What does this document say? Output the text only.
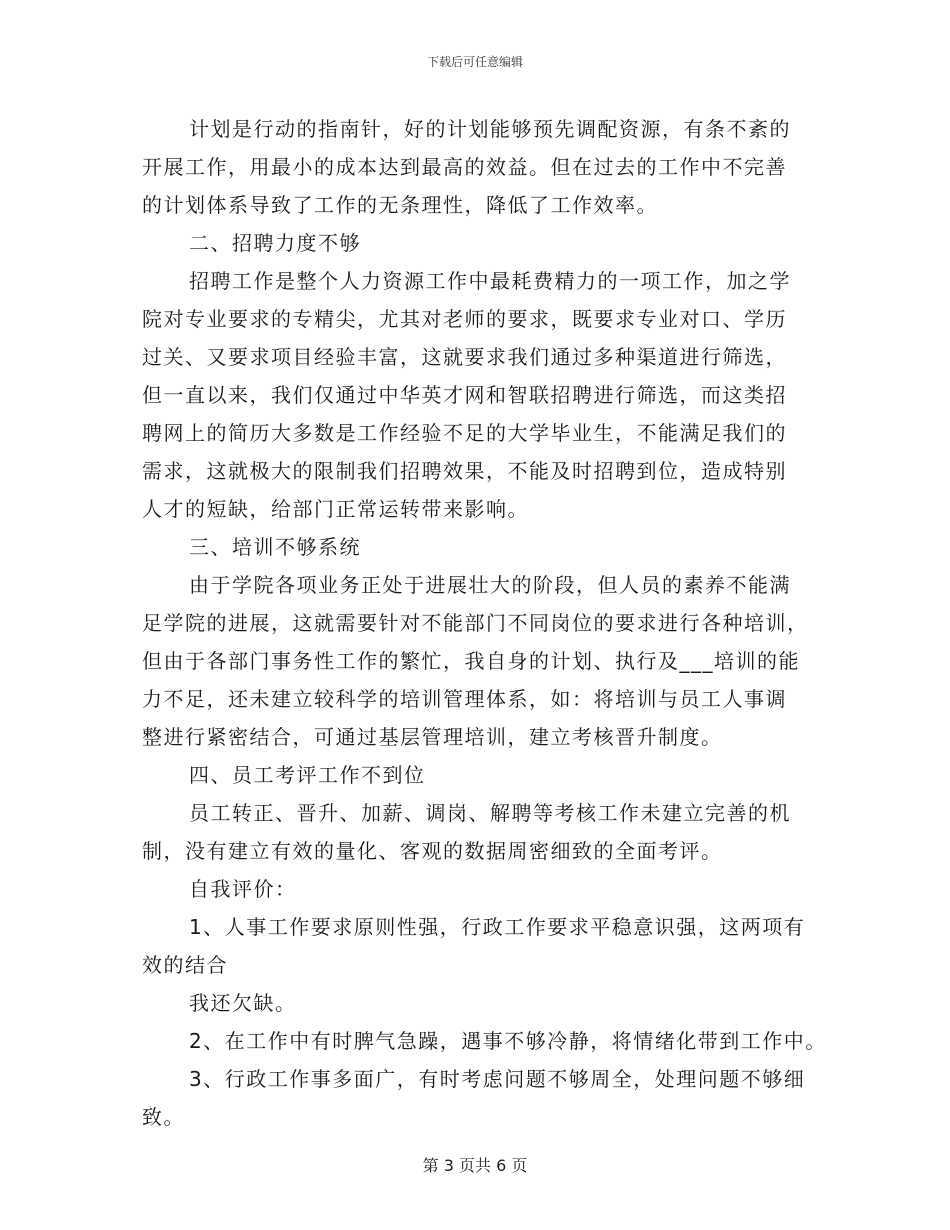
下载后可任意编辑
计划是行动的指南针，好的计划能够预先调配资源，有条不紊的
开展工作，用最小的成本达到最高的效益。但在过去的工作中不完善
的计划体系导致了工作的无条理性，降低了工作效率。
二、招聘力度不够
招聘工作是整个人力资源工作中最耗费精力的一项工作，加之学
院对专业要求的专精尖，尤其对老师的要求，既要求专业对口、学历
过关、又要求项目经验丰富，这就要求我们通过多种渠道进行筛选，
但一直以来，我们仅通过中华英才网和智联招聘进行筛选，而这类招
聘网上的简历大多数是工作经验不足的大学毕业生，不能满足我们的
需求，这就极大的限制我们招聘效果，不能及时招聘到位，造成特别
人才的短缺，给部门正常运转带来影响。
三、培训不够系统
由于学院各项业务正处于进展壮大的阶段，但人员的素养不能满
足学院的进展，这就需要针对不能部门不同岗位的要求进行各种培训，
但由于各部门事务性工作的繁忙，我自身的计划、执行及___培训的能
力不足，还未建立较科学的培训管理体系，如：将培训与员工人事调
整进行紧密结合，可通过基层管理培训，建立考核晋升制度。
四、员工考评工作不到位
员工转正、晋升、加薪、调岗、解聘等考核工作未建立完善的机
制，没有建立有效的量化、客观的数据周密细致的全面考评。
自我评价：
1、人事工作要求原则性强，行政工作要求平稳意识强，这两项有
效的结合
我还欠缺。
2、在工作中有时脾气急躁，遇事不够冷静，将情绪化带到工作中。
3、行政工作事多面广，有时考虑问题不够周全，处理问题不够细
致。
第 3 页共 6 页
